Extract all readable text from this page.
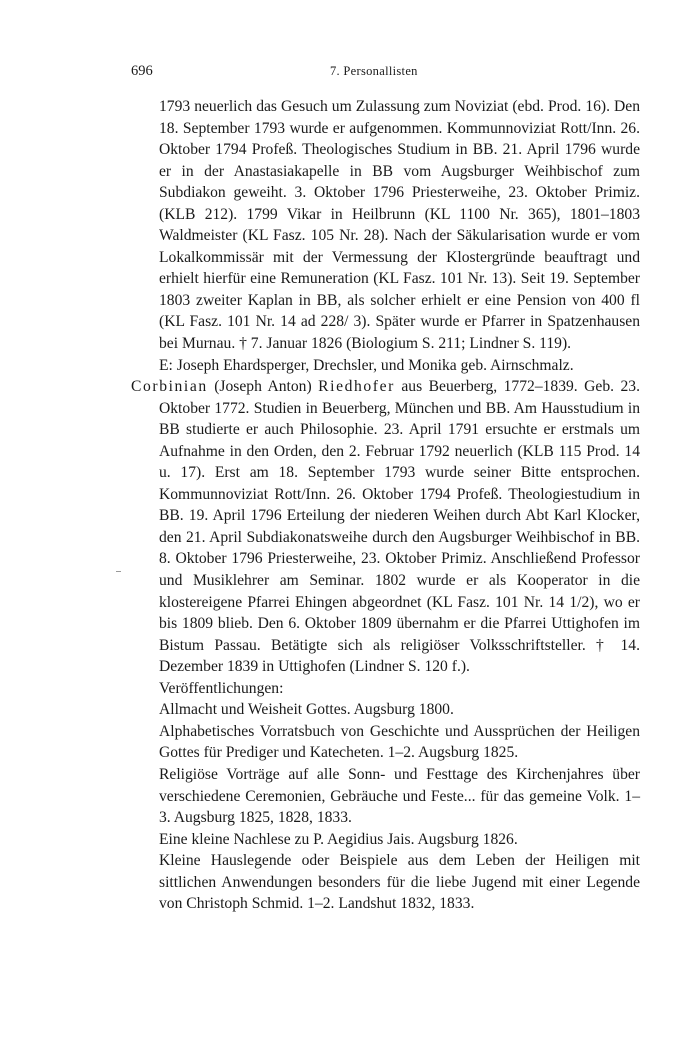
696	7. Personallisten
1793 neuerlich das Gesuch um Zulassung zum Noviziat (ebd. Prod. 16). Den 18. September 1793 wurde er aufgenommen. Kommunnoviziat Rott/Inn. 26. Oktober 1794 Profeß. Theologisches Studium in BB. 21. April 1796 wurde er in der Anastasiakapelle in BB vom Augsburger Weihbischof zum Subdiakon geweiht. 3. Oktober 1796 Priesterweihe, 23. Oktober Primiz. (KLB 212). 1799 Vikar in Heilbrunn (KL 1100 Nr. 365), 1801–1803 Waldmeister (KL Fasz. 105 Nr. 28). Nach der Säkularisation wurde er vom Lokalkommissär mit der Vermessung der Klostergründe beauftragt und erhielt hierfür eine Remuneration (KL Fasz. 101 Nr. 13). Seit 19. September 1803 zweiter Kaplan in BB, als solcher erhielt er eine Pension von 400 fl (KL Fasz. 101 Nr. 14 ad 228/ 3). Später wurde er Pfarrer in Spatzenhausen bei Murnau. † 7. Januar 1826 (Biologium S. 211; Lindner S. 119).
E: Joseph Ehardsperger, Drechsler, und Monika geb. Airnschmalz.
Corbinian (Joseph Anton) Riedhofer aus Beuerberg, 1772–1839. Geb. 23. Oktober 1772. Studien in Beuerberg, München und BB. Am Hausstudium in BB studierte er auch Philosophie. 23. April 1791 ersuchte er erstmals um Aufnahme in den Orden, den 2. Februar 1792 neuerlich (KLB 115 Prod. 14 u. 17). Erst am 18. September 1793 wurde seiner Bitte entsprochen. Kommunnoviziat Rott/Inn. 26. Oktober 1794 Profeß. Theologiestudium in BB. 19. April 1796 Erteilung der niederen Weihen durch Abt Karl Klocker, den 21. April Subdiakonatsweihe durch den Augsburger Weihbischof in BB. 8. Oktober 1796 Priesterweihe, 23. Oktober Primiz. Anschließend Professor und Musiklehrer am Seminar. 1802 wurde er als Kooperator in die klostereigene Pfarrei Ehingen abgeordnet (KL Fasz. 101 Nr. 14 1/2), wo er bis 1809 blieb. Den 6. Oktober 1809 übernahm er die Pfarrei Uttighofen im Bistum Passau. Betätigte sich als religiöser Volksschriftsteller. † 14. Dezember 1839 in Uttighofen (Lindner S. 120 f.).
Veröffentlichungen:
Allmacht und Weisheit Gottes. Augsburg 1800.
Alphabetisches Vorratsbuch von Geschichte und Aussprüchen der Heiligen Gottes für Prediger und Katecheten. 1–2. Augsburg 1825.
Religiöse Vorträge auf alle Sonn- und Festtage des Kirchenjahres über verschiedene Ceremonien, Gebräuche und Feste... für das gemeine Volk. 1–3. Augsburg 1825, 1828, 1833.
Eine kleine Nachlese zu P. Aegidius Jais. Augsburg 1826.
Kleine Hauslegende oder Beispiele aus dem Leben der Heiligen mit sittlichen Anwendungen besonders für die liebe Jugend mit einer Legende von Christoph Schmid. 1–2. Landshut 1832, 1833.
